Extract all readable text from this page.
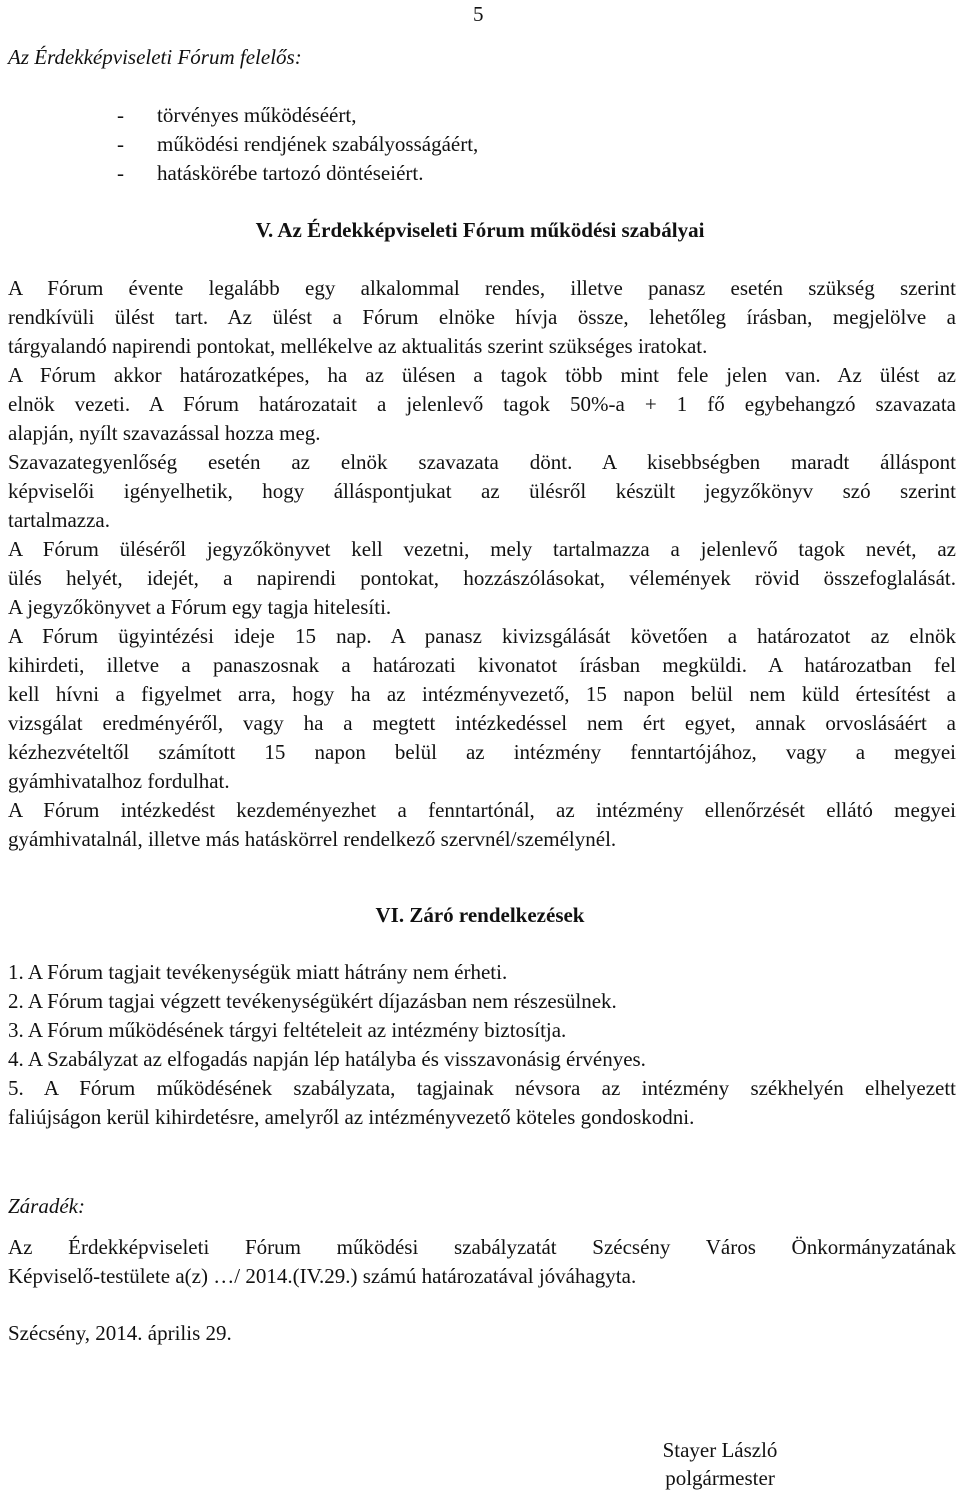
5
Az Érdekképviseleti Fórum felelős:
- törvényes működéséért,
- működési rendjének szabályosságáért,
- hatáskörébe tartozó döntéseiért.
V. Az Érdekképviseleti Fórum működési szabályai
A Fórum évente legalább egy alkalommal rendes, illetve panasz esetén szükség szerint
rendkívüli ülést tart. Az ülést a Fórum elnöke hívja össze, lehetőleg írásban, megjelölve a
tárgyalandó napirendi pontokat, mellékelve az aktualitás szerint szükséges iratokat.
A Fórum akkor határozatképes, ha az ülésen a tagok több mint fele jelen van. Az ülést az
elnök vezeti. A Fórum határozatait a jelenlevő tagok 50%-a + 1 fő egybehangzó szavazata
alapján, nyílt szavazással hozza meg.
Szavazategyenlőség esetén az elnök szavazata dönt. A kisebbségben maradt álláspont
képviselői igényelhetik, hogy álláspontjukat az ülésről készült jegyzőkönyv szó szerint
tartalmazza.
A Fórum üléséről jegyzőkönyvet kell vezetni, mely tartalmazza a jelenlevő tagok nevét, az
ülés helyét, idejét, a napirendi pontokat, hozzászólásokat, vélemények rövid összefoglalását.
A jegyzőkönyvet a Fórum egy tagja hitelesíti.
A Fórum ügyintézési ideje 15 nap. A panasz kivizsgálását követően a határozatot az elnök
kihirdeti, illetve a panaszosnak a határozati kivonatot írásban megküldi. A határozatban fel
kell hívni a figyelmet arra, hogy ha az intézményvezető, 15 napon belül nem küld értesítést a
vizsgálat eredményéről, vagy ha a megtett intézkedéssel nem ért egyet, annak orvoslásáért a
kézhezvételtől számított 15 napon belül az intézmény fenntartójához, vagy a megyei
gyámhivatalhoz fordulhat.
A Fórum intézkedést kezdeményezhet a fenntartónál, az intézmény ellenőrzését ellátó megyei
gyámhivatalnál, illetve más hatáskörrel rendelkező szervnél/személynél.
VI. Záró rendelkezések
1. A Fórum tagjait tevékenységük miatt hátrány nem érheti.
2. A Fórum tagjai végzett tevékenységükért díjazásban nem részesülnek.
3. A Fórum működésének tárgyi feltételeit az intézmény biztosítja.
4. A Szabályzat az elfogadás napján lép hatályba és visszavonásig érvényes.
5. A Fórum működésének szabályzata, tagjainak névsora az intézmény székhelyén elhelyezett
faliújságon kerül kihirdetésre, amelyről az intézményvezető köteles gondoskodni.
Záradék:
Az Érdekképviseleti Fórum működési szabályzatát Szécsény Város Önkormányzatának
Képviselő-testülete a(z) …/ 2014.(IV.29.) számú határozatával jóváhagyta.
Szécsény, 2014. április 29.
Stayer László
polgármester
